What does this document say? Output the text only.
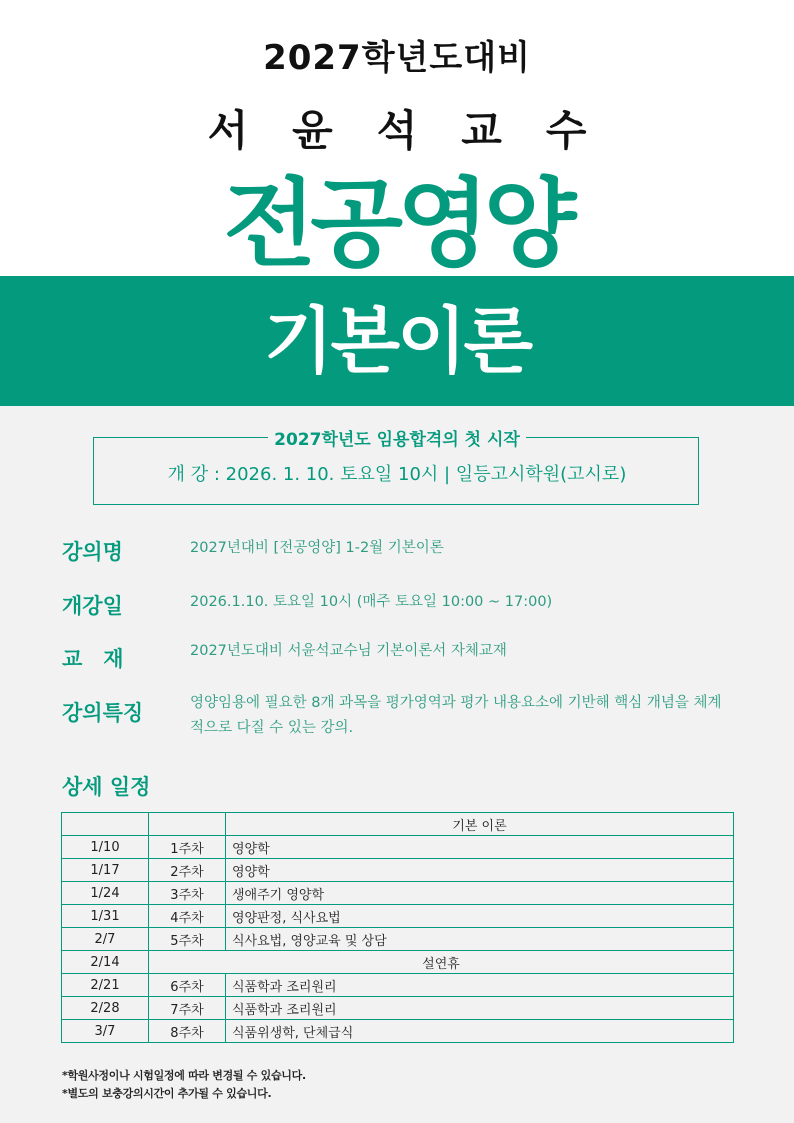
2027학년도대비
서윤석교수
전공영양
기본이론
2027학년도 임용합격의 첫 시작
개 강 : 2026. 1. 10. 토요일 10시 | 일등고시학원(고시로)
강의명	2027년대비 [전공영양] 1-2월 기본이론
개강일	2026.1.10. 토요일 10시 (매주 토요일 10:00 ~ 17:00)
교　재	2027년도대비 서윤석교수님 기본이론서 자체교재
강의특징	영양임용에 필요한 8개 과목을 평가영역과 평가 내용요소에 기반해 핵심 개념을 체계적으로 다질 수 있는 강의.
상세 일정
		기본 이론
1/10	1주차	영양학
1/17	2주차	영양학
1/24	3주차	생애주기 영양학
1/31	4주차	영양판정, 식사요법
2/7	5주차	식사요법, 영양교육 및 상담
2/14	설연휴	
2/21	6주차	식품학과 조리원리
2/28	7주차	식품학과 조리원리
3/7	8주차	식품위생학, 단체급식
*학원사정이나 시험일정에 따라 변경될 수 있습니다.
*별도의 보충강의시간이 추가될 수 있습니다.
